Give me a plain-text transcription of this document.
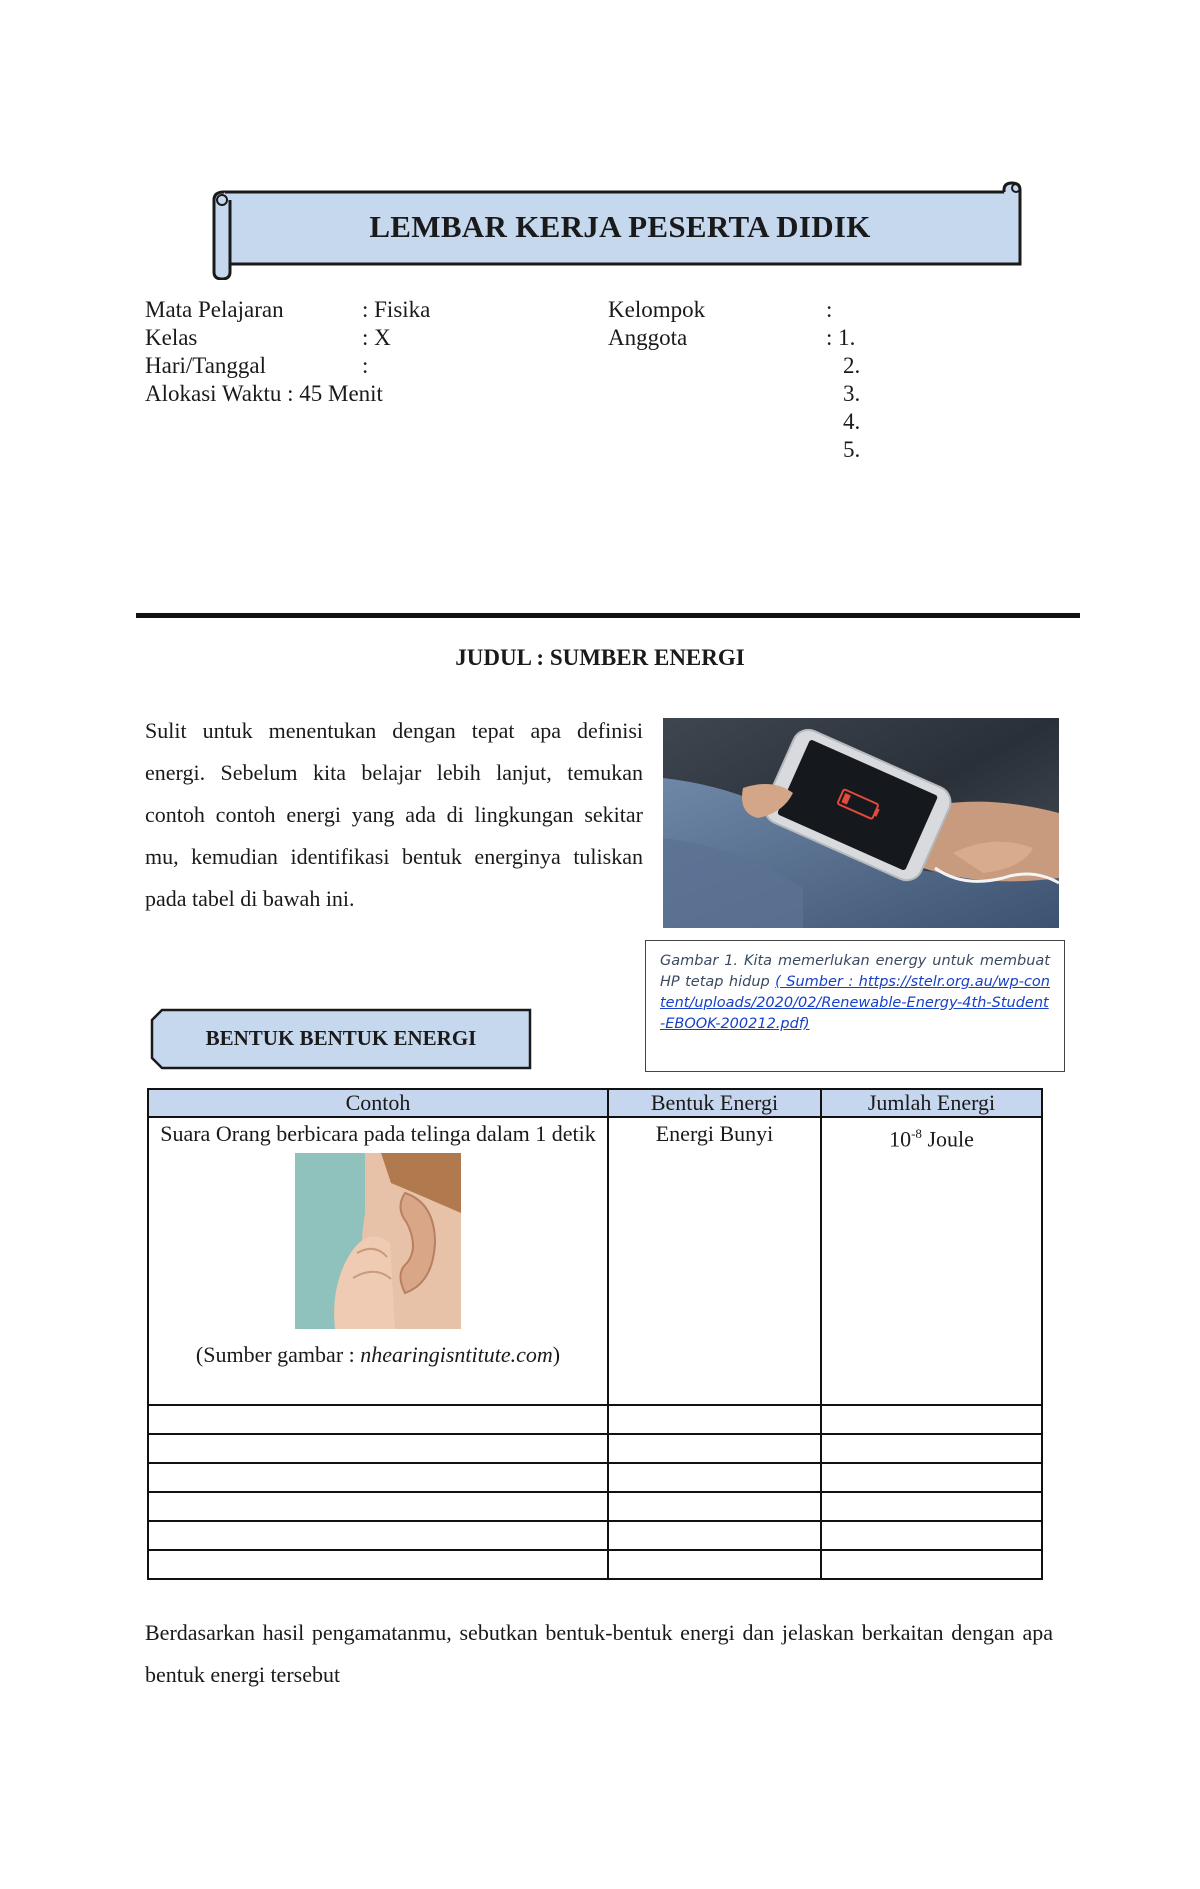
LEMBAR KERJA PESERTA DIDIK
Mata Pelajaran	: Fisika
Kelas	: X
Hari/Tanggal	:
Alokasi Waktu : 45 Menit
Kelompok	:
Anggota	: 1.
2.
3.
4.
5.
JUDUL : SUMBER ENERGI
Sulit untuk menentukan dengan tepat apa definisi energi. Sebelum kita belajar lebih lanjut, temukan contoh contoh energi yang ada di lingkungan sekitar mu, kemudian identifikasi bentuk energinya tuliskan pada tabel di bawah ini.
Gambar 1. Kita memerlukan energy untuk membuat HP tetap hidup ( Sumber : https://stelr.org.au/wp-content/uploads/2020/02/Renewable-Energy-4th-Student-EBOOK-200212.pdf)
BENTUK BENTUK ENERGI
Contoh	Bentuk Energi	Jumlah Energi

Suara Orang berbicara pada telinga dalam 1 detik
(Sumber gambar : nhearingisntitute.com)	Energi Bunyi	$10^{-8}$ Joule

Berdasarkan hasil pengamatanmu, sebutkan bentuk-bentuk energi dan jelaskan berkaitan dengan apa bentuk energi tersebut
